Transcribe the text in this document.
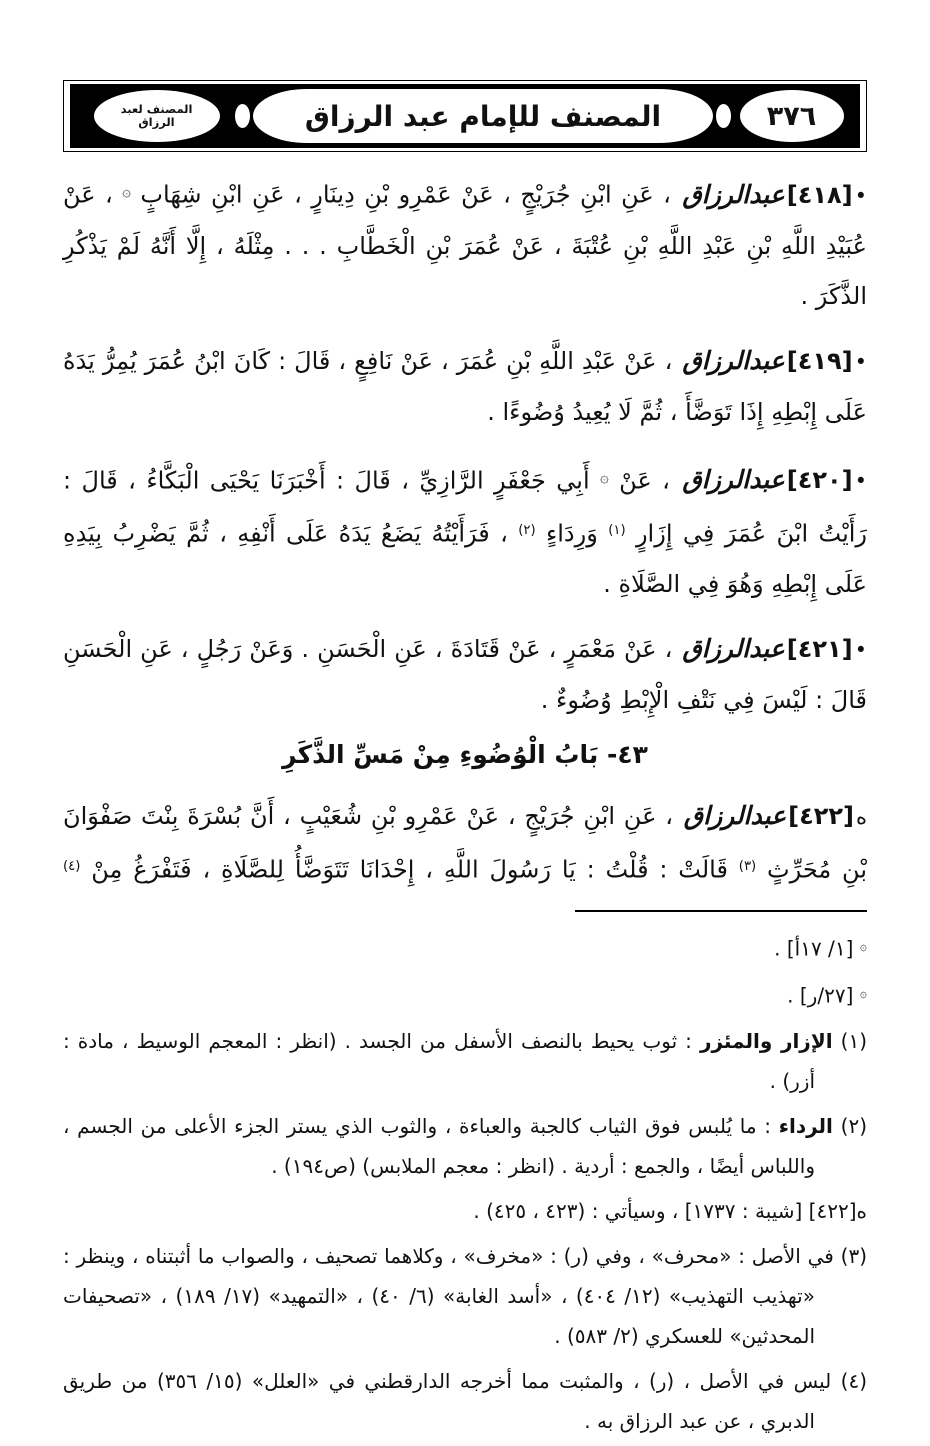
٣٧٦
المصنف للإمام عبد الرزاق
المصنف لعبد الرزاق

•[٤١٨]عبدالرزاق ، عَنِ ابْنِ جُرَيْجٍ ، عَنْ عَمْرِو بْنِ دِينَارٍ ، عَنِ ابْنِ شِهَابٍ ۞ ، عَنْ عُبَيْدِ اللَّهِ بْنِ عَبْدِ اللَّهِ بْنِ عُتْبَةَ ، عَنْ عُمَرَ بْنِ الْخَطَّابِ . . . مِثْلَهُ ، إِلَّا أَنَّهُ لَمْ يَذْكُرِ الذَّكَرَ .

•[٤١٩]عبدالرزاق ، عَنْ عَبْدِ اللَّهِ بْنِ عُمَرَ ، عَنْ نَافِعٍ ، قَالَ : كَانَ ابْنُ عُمَرَ يُمِرُّ يَدَهُ عَلَى إِبْطِهِ إِذَا تَوَضَّأَ ، ثُمَّ لَا يُعِيدُ وُضُوءًا .

•[٤٢٠]عبدالرزاق ، عَنْ ۞ أَبِي جَعْفَرٍ الرَّازِيِّ ، قَالَ : أَخْبَرَنَا يَحْيَى الْبَكَّاءُ ، قَالَ : رَأَيْتُ ابْنَ عُمَرَ فِي إِزَارٍ $^{(١)}$ وَرِدَاءٍ $^{(٢)}$ ، فَرَأَيْتُهُ يَضَعُ يَدَهُ عَلَى أَنْفِهِ ، ثُمَّ يَضْرِبُ بِيَدِهِ عَلَى إِبْطِهِ وَهُوَ فِي الصَّلَاةِ .

•[٤٢١]عبدالرزاق ، عَنْ مَعْمَرٍ ، عَنْ قَتَادَةَ ، عَنِ الْحَسَنِ . وَعَنْ رَجُلٍ ، عَنِ الْحَسَنِ قَالَ : لَيْسَ فِي نَتْفِ الْإِبْطِ وُضُوءٌ .

٤٣- بَابُ الْوُضُوءِ مِنْ مَسِّ الذَّكَرِ

ه[٤٢٢]عبدالرزاق ، عَنِ ابْنِ جُرَيْجٍ ، عَنْ عَمْرِو بْنِ شُعَيْبٍ ، أَنَّ بُسْرَةَ بِنْتَ صَفْوَانَ بْنِ مُحَرِّثٍ $^{(٣)}$ قَالَتْ : قُلْتُ : يَا رَسُولَ اللَّهِ ، إِحْدَانَا تَتَوَضَّأُ لِلصَّلَاةِ ، فَتَفْرَغُ مِنْ $^{(٤)}$

۞ [١/ ١٧أ] .

۞ [٢٧/ر] .

(١) الإزار والمئزر : ثوب يحيط بالنصف الأسفل من الجسد . (انظر : المعجم الوسيط ، مادة : أزر) .

(٢) الرداء : ما يُلبس فوق الثياب كالجبة والعباءة ، والثوب الذي يستر الجزء الأعلى من الجسم ، واللباس أيضًا ، والجمع : أردية . (انظر : معجم الملابس) (ص١٩٤) .

ه[٤٢٢] [شيبة : ١٧٣٧] ، وسيأتي : (٤٢٣ ، ٤٢٥) .

(٣) في الأصل : «محرف» ، وفي (ر) : «مخرف» ، وكلاهما تصحيف ، والصواب ما أثبتناه ، وينظر : «تهذيب التهذيب» (١٢/ ٤٠٤) ، «أسد الغابة» (٦/ ٤٠) ، «التمهيد» (١٧/ ١٨٩) ، «تصحيفات المحدثين» للعسكري (٢/ ٥٨٣) .

(٤) ليس في الأصل ، (ر) ، والمثبت مما أخرجه الدارقطني في «العلل» (١٥/ ٣٥٦) من طريق الدبري ، عن عبد الرزاق به .
